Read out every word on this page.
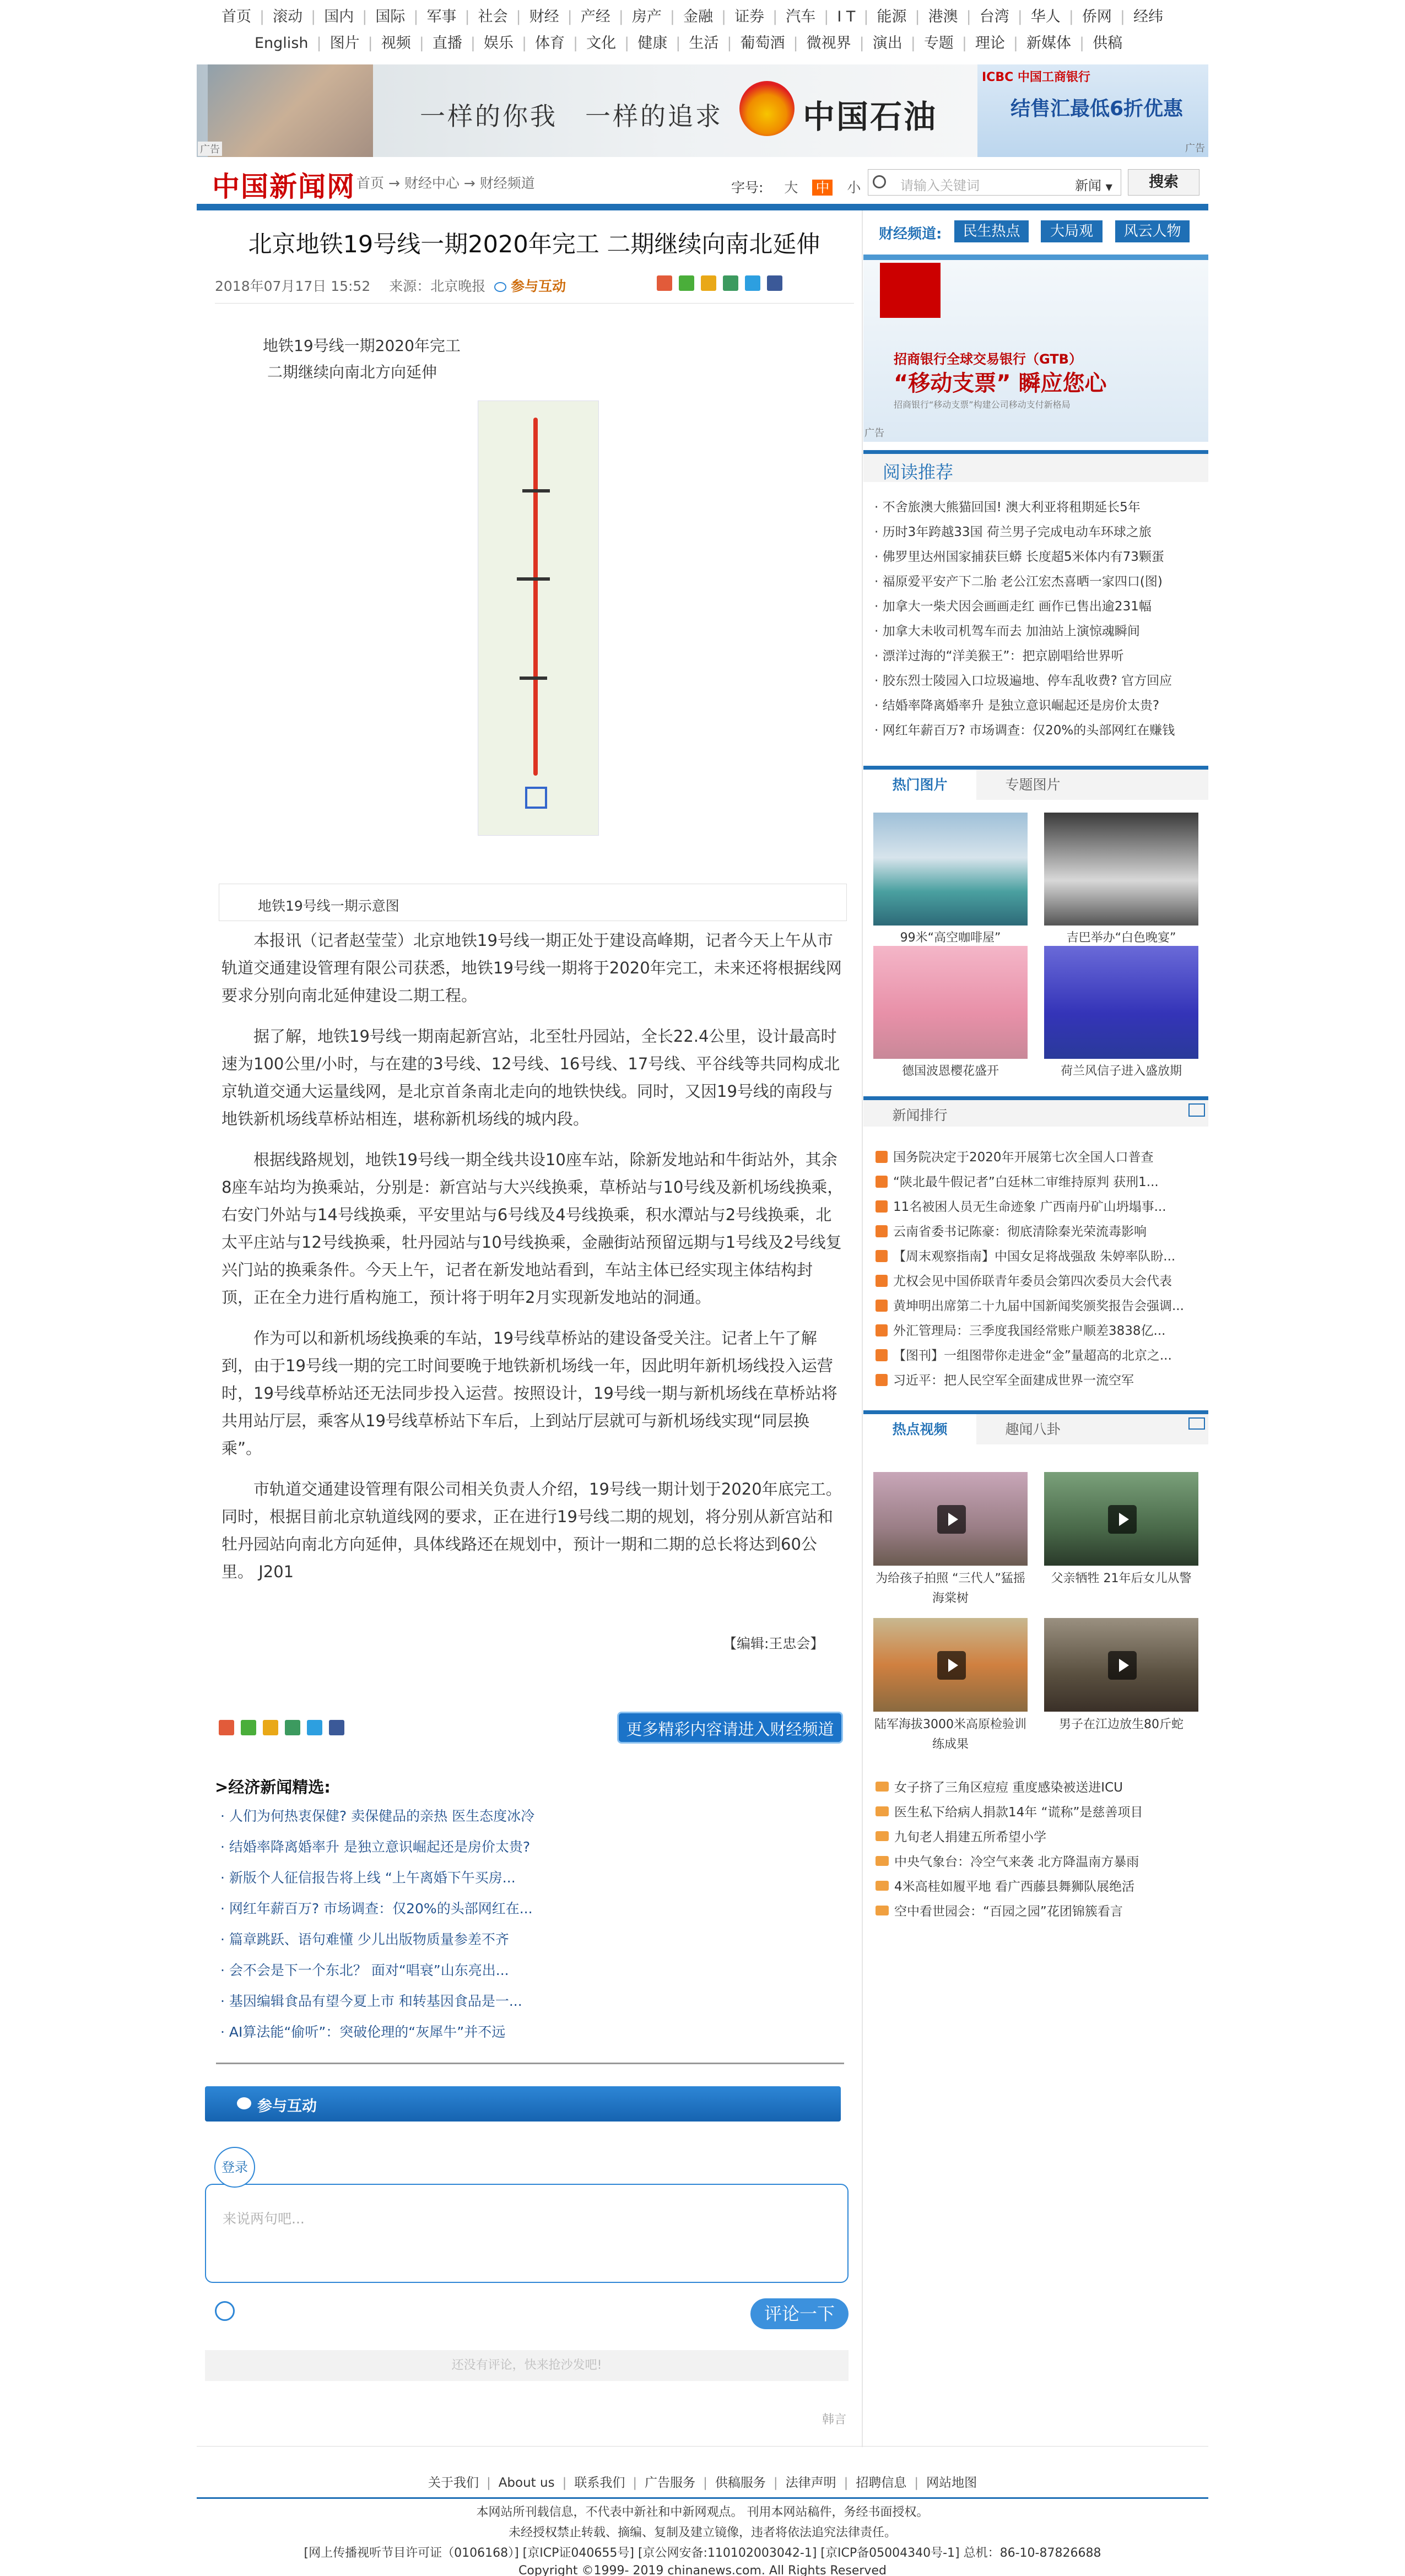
首页 | 滚动 | 国内 | 国际 | 军事 | 社会 | 财经 | 产经 | 房产 | 金融 | 证券 | 汽车 | I T | 能源 | 港澳 | 台湾 | 华人 | 侨网 | 经纬
English | 图片 | 视频 | 直播 | 娱乐 | 体育 | 文化 | 健康 | 生活 | 葡萄酒 | 微视界 | 演出 | 专题 | 理论 | 新媒体 | 供稿
一样的你我　一样的追求	中国石油
广告
ICBC 中国工商银行
结售汇最低6折优惠
广告
中国新闻网 首页 → 财经中心 → 财经频道	字号: 大 中 小	请输入关键词	新闻 ▼	搜索
北京地铁19号线一期2020年完工 二期继续向南北延伸
2018年07月17日 15:52 来源：北京晚报 参与互动
地铁19号线一期2020年完工
二期继续向南北方向延伸
地铁19号线一期示意图

本报讯（记者赵莹莹）北京地铁19号线一期正处于建设高峰期，记者今天上午从市轨道交通建设管理有限公司获悉，地铁19号线一期将于2020年完工，未来还将根据线网要求分别向南北延伸建设二期工程。

据了解，地铁19号线一期南起新宫站，北至牡丹园站，全长22.4公里，设计最高时速为100公里/小时，与在建的3号线、12号线、16号线、17号线、平谷线等共同构成北京轨道交通大运量线网，是北京首条南北走向的地铁快线。同时，又因19号线的南段与地铁新机场线草桥站相连，堪称新机场线的城内段。

根据线路规划，地铁19号线一期全线共设10座车站，除新发地站和牛街站外，其余8座车站均为换乘站，分别是：新宫站与大兴线换乘，草桥站与10号线及新机场线换乘，右安门外站与14号线换乘，平安里站与6号线及4号线换乘，积水潭站与2号线换乘，北太平庄站与12号线换乘，牡丹园站与10号线换乘，金融街站预留远期与1号线及2号线复兴门站的换乘条件。今天上午，记者在新发地站看到，车站主体已经实现主体结构封顶，正在全力进行盾构施工，预计将于明年2月实现新发地站的洞通。

作为可以和新机场线换乘的车站，19号线草桥站的建设备受关注。记者上午了解到，由于19号线一期的完工时间要晚于地铁新机场线一年，因此明年新机场线投入运营时，19号线草桥站还无法同步投入运营。按照设计，19号线一期与新机场线在草桥站将共用站厅层，乘客从19号线草桥站下车后，上到站厅层就可与新机场线实现“同层换乘”。

市轨道交通建设管理有限公司相关负责人介绍，19号线一期计划于2020年底完工。同时，根据目前北京轨道线网的要求，正在进行19号线二期的规划，将分别从新宫站和牡丹园站向南北方向延伸，具体线路还在规划中，预计一期和二期的总长将达到60公里。 J201

【编辑:王忠会】
更多精彩内容请进入财经频道
>经济新闻精选:
· 人们为何热衷保健? 卖保健品的亲热 医生态度冰冷
· 结婚率降离婚率升 是独立意识崛起还是房价太贵?
· 新版个人征信报告将上线 “上午离婚下午买房...
· 网红年薪百万? 市场调查：仅20%的头部网红在...
· 篇章跳跃、语句难懂 少儿出版物质量参差不齐
· 会不会是下一个东北？ 面对“唱衰”山东亮出...
· 基因编辑食品有望今夏上市 和转基因食品是一...
· AI算法能“偷听”：突破伦理的“灰犀牛”并不远
参与互动
来说两句吧...
登录
评论一下
还没有评论，快来抢沙发吧!
韩言
财经频道:	民生热点	大局观	风云人物
招商银行全球交易银行（GTB）
“移动支票” 瞬应您心
招商银行“移动支票”构建公司移动支付新格局
广告
阅读推荐
· 不舍旅澳大熊猫回国! 澳大利亚将租期延长5年
· 历时3年跨越33国 荷兰男子完成电动车环球之旅
· 佛罗里达州国家捕获巨蟒 长度超5米体内有73颗蛋
· 福原爱平安产下二胎 老公江宏杰喜晒一家四口(图)
· 加拿大一柴犬因会画画走红 画作已售出逾231幅
· 加拿大未收司机驾车而去 加油站上演惊魂瞬间
· 漂洋过海的“洋美猴王”：把京剧唱给世界听
· 胶东烈士陵园入口垃圾遍地、停车乱收费? 官方回应
· 结婚率降离婚率升 是独立意识崛起还是房价太贵?
· 网红年薪百万? 市场调查：仅20%的头部网红在赚钱
热门图片	专题图片
99米“高空咖啡屋”	吉巴举办“白色晚宴”
德国波恩樱花盛开	荷兰风信子进入盛放期
新闻排行
国务院决定于2020年开展第七次全国人口普查
“陕北最牛假记者”白廷林二审维持原判 获刑1...
11名被困人员无生命迹象 广西南丹矿山坍塌事...
云南省委书记陈豪：彻底清除秦光荣流毒影响
【周末观察指南】中国女足将战强敌 朱婷率队盼...
尤权会见中国侨联青年委员会第四次委员大会代表
黄坤明出席第二十九届中国新闻奖颁奖报告会强调...
外汇管理局：三季度我国经常账户顺差3838亿...
【图刊】一组图带你走进金“金”量超高的北京之...
习近平：把人民空军全面建成世界一流空军
热点视频	趣闻八卦
为给孩子拍照 “三代人”猛摇海棠树
父亲牺牲 21年后女儿从警
陆军海拔3000米高原检验训练成果
男子在江边放生80斤蛇
女子挤了三角区痘痘 重度感染被送进ICU
医生私下给病人捐款14年 “谎称”是慈善项目
九旬老人捐建五所希望小学
中央气象台：冷空气来袭 北方降温南方暴雨
4米高桂如履平地 看广西藤县舞狮队展绝活
空中看世园会：“百园之园”花团锦簇看言
关于我们 | About us | 联系我们 | 广告服务 | 供稿服务 | 法律声明 | 招聘信息 | 网站地图
本网站所刊载信息，不代表中新社和中新网观点。 刊用本网站稿件，务经书面授权。
未经授权禁止转载、摘编、复制及建立镜像，违者将依法追究法律责任。
[网上传播视听节目许可证（0106168）] [京ICP证040655号] [京公网安备:110102003042-1] [京ICP备05004340号-1] 总机：86-10-87826688
Copyright ©1999- 2019 chinanews.com. All Rights Reserved
